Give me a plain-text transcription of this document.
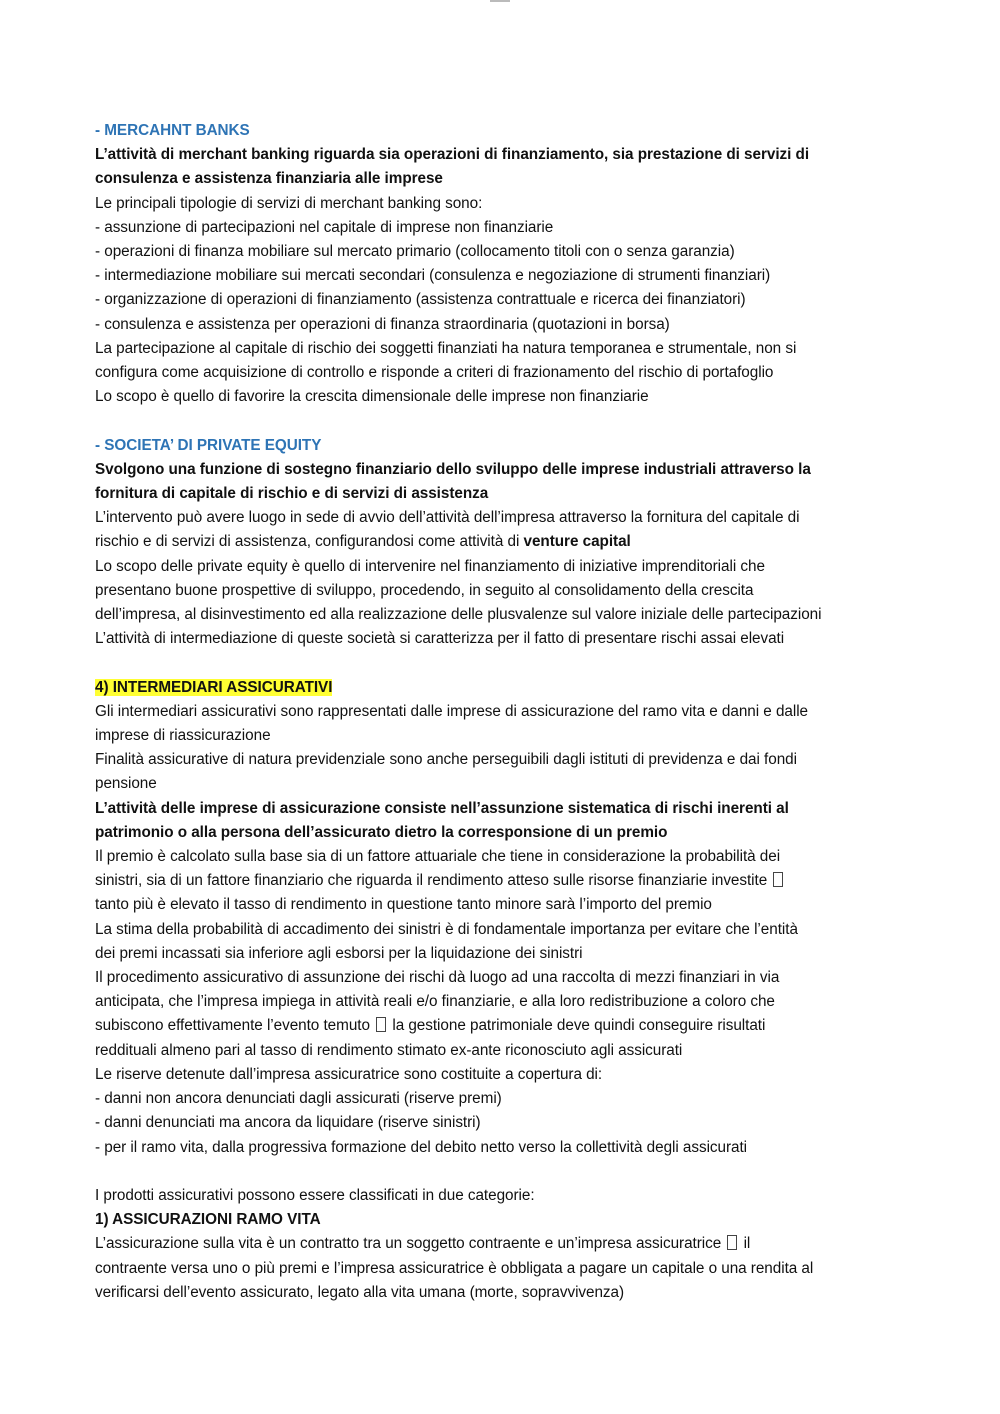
- MERCAHNT BANKS
L’attività di merchant banking riguarda sia operazioni di finanziamento, sia prestazione di servizi di
consulenza e assistenza finanziaria alle imprese
Le principali tipologie di servizi di merchant banking sono:
- assunzione di partecipazioni nel capitale di imprese non finanziarie
- operazioni di finanza mobiliare sul mercato primario (collocamento titoli con o senza garanzia)
- intermediazione mobiliare sui mercati secondari (consulenza e negoziazione di strumenti finanziari)
- organizzazione di operazioni di finanziamento (assistenza contrattuale e ricerca dei finanziatori)
- consulenza e assistenza per operazioni di finanza straordinaria (quotazioni in borsa)
La partecipazione al capitale di rischio dei soggetti finanziati ha natura temporanea e strumentale, non si
configura come acquisizione di controllo e risponde a criteri di frazionamento del rischio di portafoglio
Lo scopo è quello di favorire la crescita dimensionale delle imprese non finanziarie
- SOCIETA’ DI PRIVATE EQUITY
Svolgono una funzione di sostegno finanziario dello sviluppo delle imprese industriali attraverso la
fornitura di capitale di rischio e di servizi di assistenza
L’intervento può avere luogo in sede di avvio dell’attività dell’impresa attraverso la fornitura del capitale di
rischio e di servizi di assistenza, configurandosi come attività di venture capital
Lo scopo delle private equity è quello di intervenire nel finanziamento di iniziative imprenditoriali che
presentano buone prospettive di sviluppo, procedendo, in seguito al consolidamento della crescita
dell’impresa, al disinvestimento ed alla realizzazione delle plusvalenze sul valore iniziale delle partecipazioni
L’attività di intermediazione di queste società si caratterizza per il fatto di presentare rischi assai elevati
4) INTERMEDIARI ASSICURATIVI
Gli intermediari assicurativi sono rappresentati dalle imprese di assicurazione del ramo vita e danni e dalle
imprese di riassicurazione
Finalità assicurative di natura previdenziale sono anche perseguibili dagli istituti di previdenza e dai fondi
pensione
L’attività delle imprese di assicurazione consiste nell’assunzione sistematica di rischi inerenti al
patrimonio o alla persona dell’assicurato dietro la corresponsione di un premio
Il premio è calcolato sulla base sia di un fattore attuariale che tiene in considerazione la probabilità dei
sinistri, sia di un fattore finanziario che riguarda il rendimento atteso sulle risorse finanziarie investite
tanto più è elevato il tasso di rendimento in questione tanto minore sarà l’importo del premio
La stima della probabilità di accadimento dei sinistri è di fondamentale importanza per evitare che l’entità
dei premi incassati sia inferiore agli esborsi per la liquidazione dei sinistri
Il procedimento assicurativo di assunzione dei rischi dà luogo ad una raccolta di mezzi finanziari in via
anticipata, che l’impresa impiega in attività reali e/o finanziarie, e alla loro redistribuzione a coloro che
subiscono effettivamente l’evento temuto  la gestione patrimoniale deve quindi conseguire risultati
reddituali almeno pari al tasso di rendimento stimato ex-ante riconosciuto agli assicurati
Le riserve detenute dall’impresa assicuratrice sono costituite a copertura di:
- danni non ancora denunciati dagli assicurati (riserve premi)
- danni denunciati ma ancora da liquidare (riserve sinistri)
- per il ramo vita, dalla progressiva formazione del debito netto verso la collettività degli assicurati
I prodotti assicurativi possono essere classificati in due categorie:
1) ASSICURAZIONI RAMO VITA
L’assicurazione sulla vita è un contratto tra un soggetto contraente e un’impresa assicuratrice  il
contraente versa uno o più premi e l’impresa assicuratrice è obbligata a pagare un capitale o una rendita al
verificarsi dell’evento assicurato, legato alla vita umana (morte, sopravvivenza)
